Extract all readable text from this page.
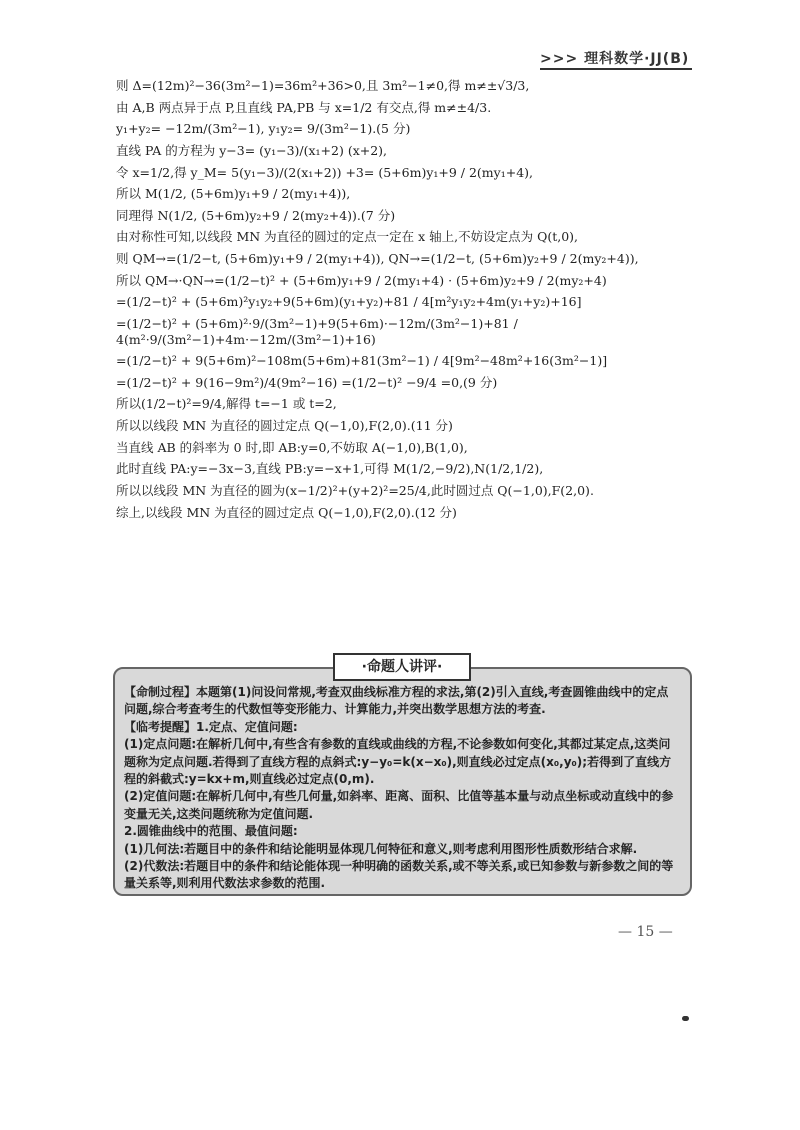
>>> 理科数学·JJ(B)

则 Δ=(12m)²−36(3m²−1)=36m²+36>0,且 3m²−1≠0,得 m≠±√3/3,

由 A,B 两点异于点 P,且直线 PA,PB 与 x=1/2 有交点,得 m≠±4/3.

y₁+y₂= −12m/(3m²−1), y₁y₂= 9/(3m²−1).(5 分)

直线 PA 的方程为 y−3= (y₁−3)/(x₁+2) (x+2),

令 x=1/2,得 y_M= 5(y₁−3)/(2(x₁+2)) +3= (5+6m)y₁+9 / 2(my₁+4),

所以 M(1/2, (5+6m)y₁+9 / 2(my₁+4)),

同理得 N(1/2, (5+6m)y₂+9 / 2(my₂+4)).(7 分)

由对称性可知,以线段 MN 为直径的圆过的定点一定在 x 轴上,不妨设定点为 Q(t,0),

则 QM→=(1/2−t, (5+6m)y₁+9 / 2(my₁+4)), QN→=(1/2−t, (5+6m)y₂+9 / 2(my₂+4)),

所以 QM→·QN→=(1/2−t)² + (5+6m)y₁+9 / 2(my₁+4) · (5+6m)y₂+9 / 2(my₂+4)

=(1/2−t)² + (5+6m)²y₁y₂+9(5+6m)(y₁+y₂)+81 / 4[m²y₁y₂+4m(y₁+y₂)+16]

=(1/2−t)² + (5+6m)²·9/(3m²−1)+9(5+6m)·−12m/(3m²−1)+81 / 4(m²·9/(3m²−1)+4m·−12m/(3m²−1)+16)

=(1/2−t)² + 9(5+6m)²−108m(5+6m)+81(3m²−1) / 4[9m²−48m²+16(3m²−1)]

=(1/2−t)² + 9(16−9m²)/4(9m²−16) =(1/2−t)² −9/4 =0,(9 分)

所以(1/2−t)²=9/4,解得 t=−1 或 t=2,

所以以线段 MN 为直径的圆过定点 Q(−1,0),F(2,0).(11 分)

当直线 AB 的斜率为 0 时,即 AB:y=0,不妨取 A(−1,0),B(1,0),

此时直线 PA:y=−3x−3,直线 PB:y=−x+1,可得 M(1/2,−9/2),N(1/2,1/2),

所以以线段 MN 为直径的圆为(x−1/2)²+(y+2)²=25/4,此时圆过点 Q(−1,0),F(2,0).

综上,以线段 MN 为直径的圆过定点 Q(−1,0),F(2,0).(12 分)

·命题人讲评·

【命制过程】本题第(1)问设问常规,考查双曲线标准方程的求法,第(2)引入直线,考查圆锥曲线中的定点问题,综合考查考生的代数恒等变形能力、计算能力,并突出数学思想方法的考查.

【临考提醒】1.定点、定值问题:

(1)定点问题:在解析几何中,有些含有参数的直线或曲线的方程,不论参数如何变化,其都过某定点,这类问题称为定点问题.若得到了直线方程的点斜式:y−y₀=k(x−x₀),则直线必过定点(x₀,y₀);若得到了直线方程的斜截式:y=kx+m,则直线必过定点(0,m).

(2)定值问题:在解析几何中,有些几何量,如斜率、距离、面积、比值等基本量与动点坐标或动直线中的参变量无关,这类问题统称为定值问题.

2.圆锥曲线中的范围、最值问题:

(1)几何法:若题目中的条件和结论能明显体现几何特征和意义,则考虑利用图形性质数形结合求解.

(2)代数法:若题目中的条件和结论能体现一种明确的函数关系,或不等关系,或已知参数与新参数之间的等量关系等,则利用代数法求参数的范围.

— 15 —
